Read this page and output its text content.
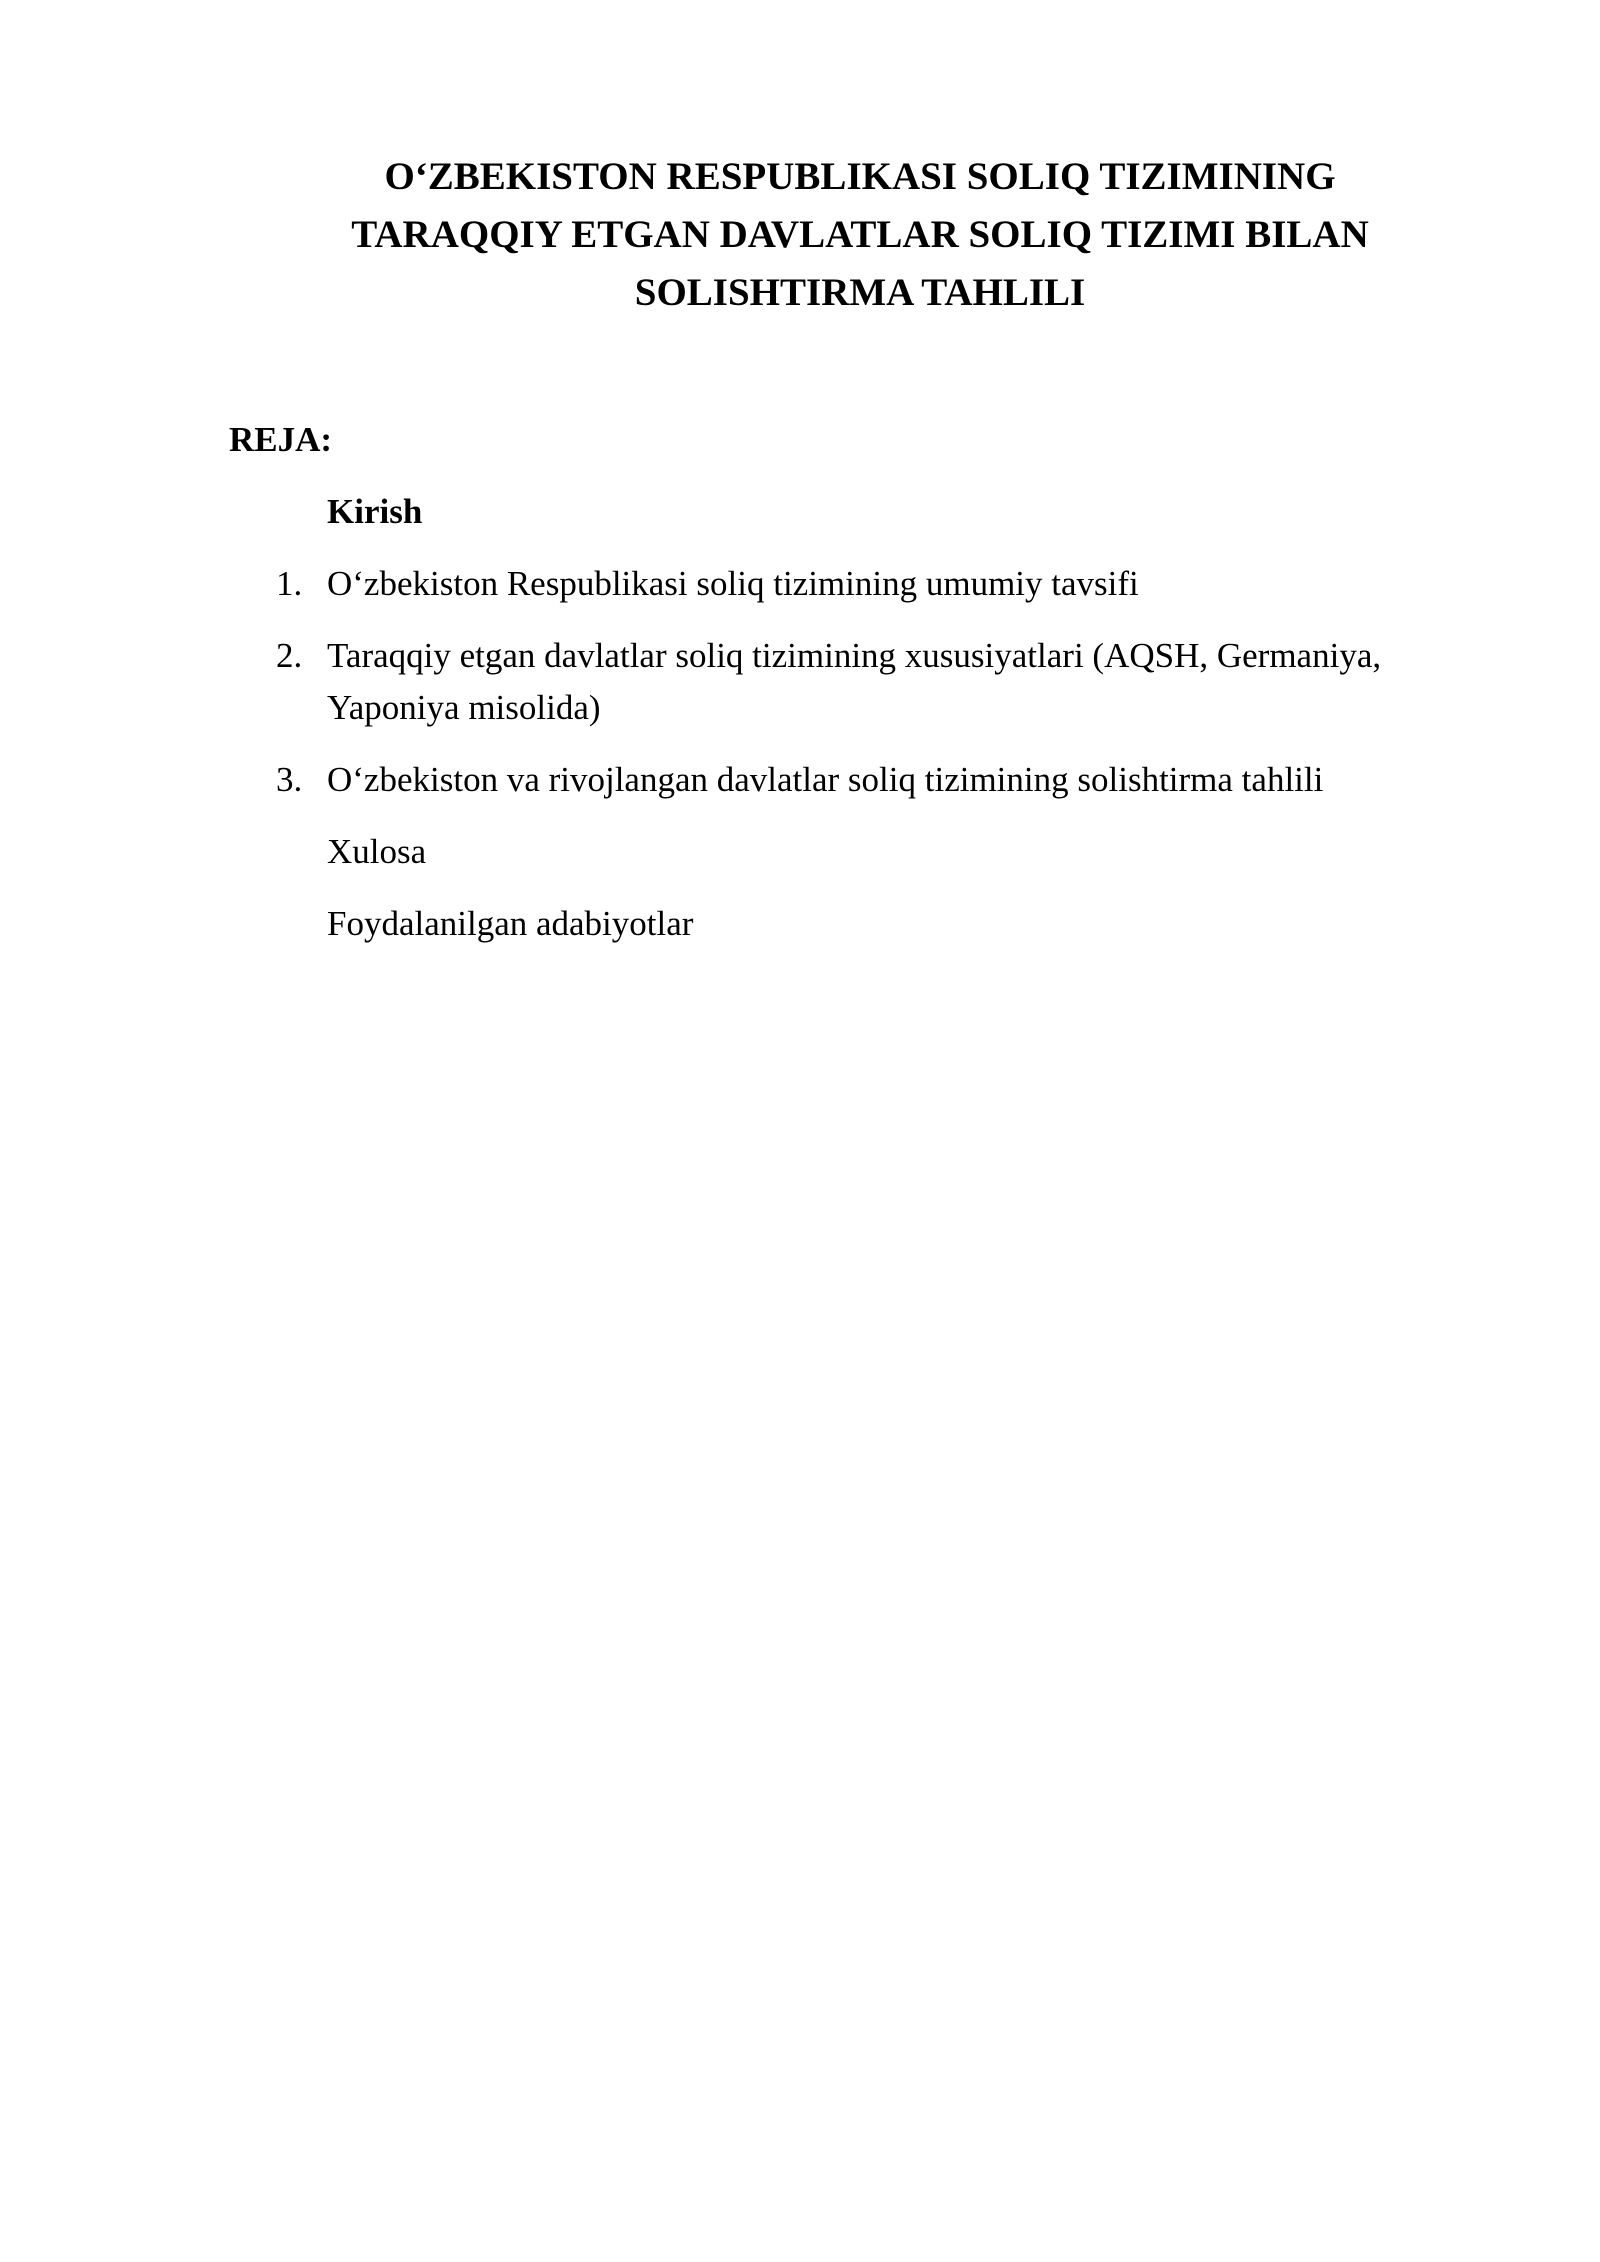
O‘ZBEKISTON RESPUBLIKASI SOLIQ TIZIMINING
TARAQQIY ETGAN DAVLATLAR SOLIQ TIZIMI BILAN
SOLISHTIRMA TAHLILI

REJA:

Kirish
1. O‘zbekiston Respublikasi soliq tizimining umumiy tavsifi
2. Taraqqiy etgan davlatlar soliq tizimining xususiyatlari (AQSH, Germaniya, Yaponiya misolida)
3. O‘zbekiston va rivojlangan davlatlar soliq tizimining solishtirma tahlili
Xulosa
Foydalanilgan adabiyotlar
